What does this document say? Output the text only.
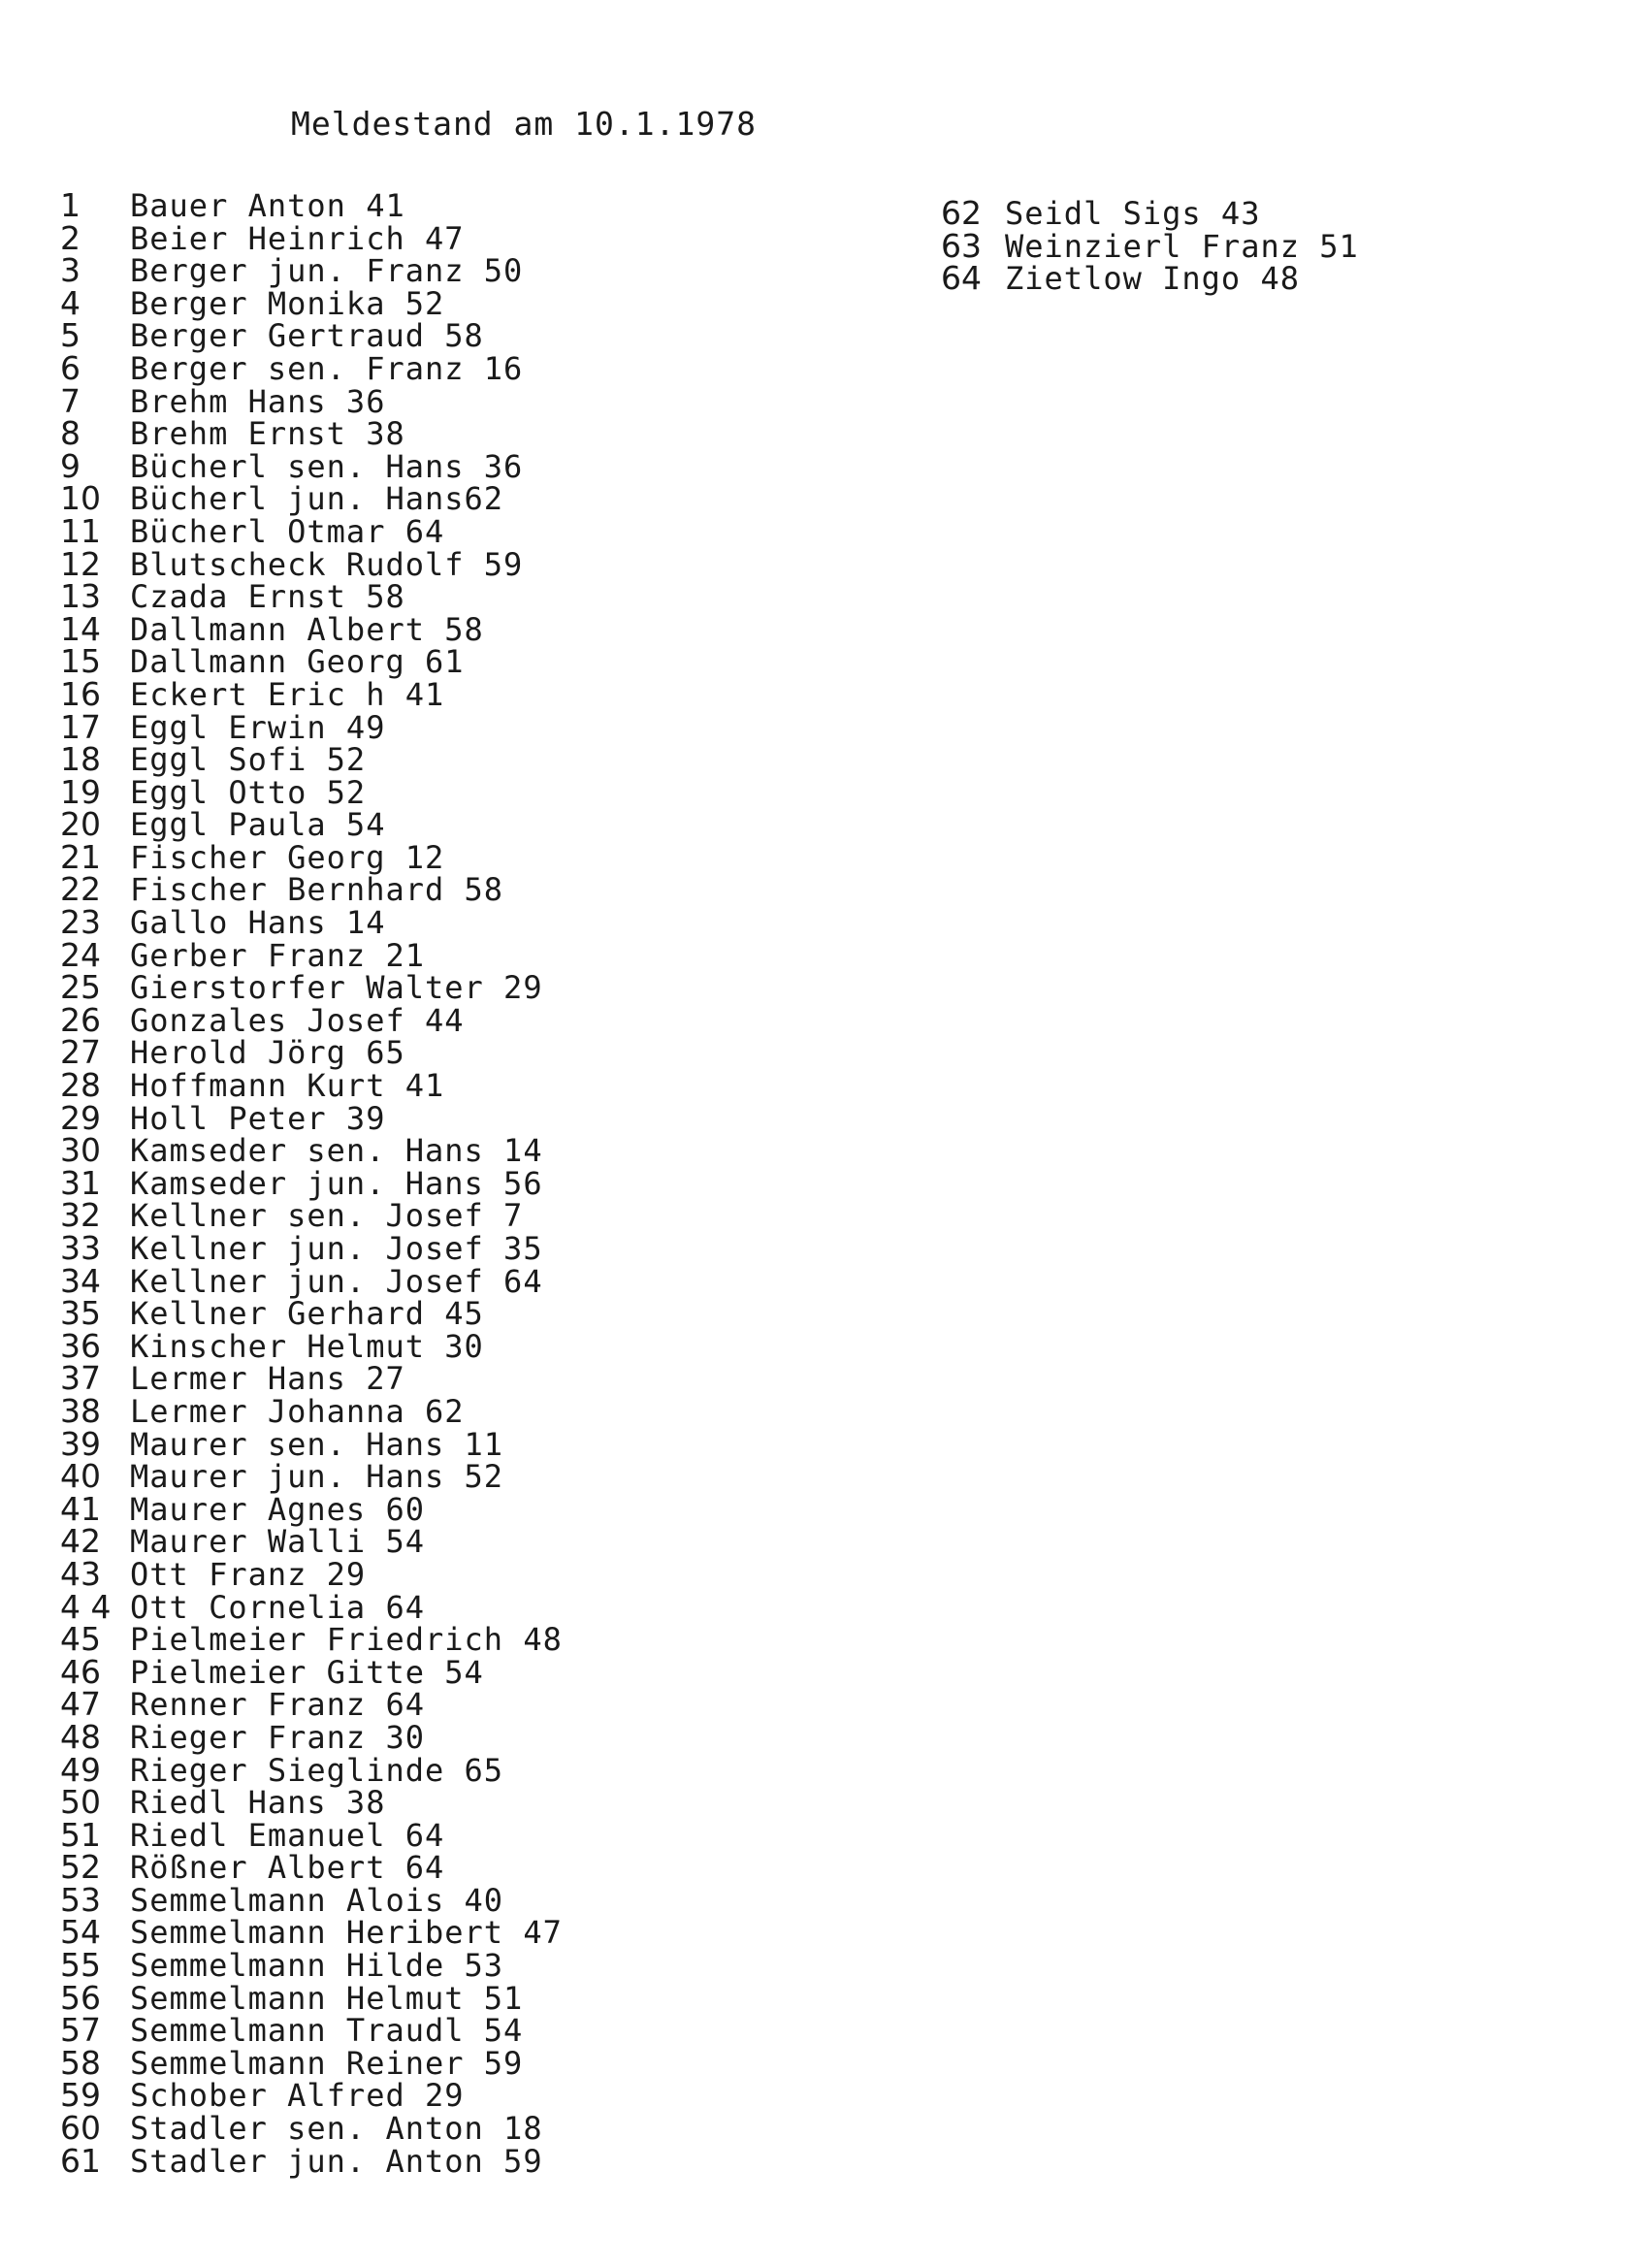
Meldestand am 10.1.1978
1	Bauer Anton 41
2	Beier Heinrich 47
3	Berger jun. Franz 50
4	Berger Monika 52
5	Berger Gertraud 58
6	Berger sen. Franz 16
7	Brehm Hans 36
8	Brehm Ernst 38
9	Bücherl sen. Hans 36
10 Bücherl jun. Hans62
11 Bücherl Otmar 64
12 Blutscheck Rudolf 59
13 Czada Ernst 58
14 Dallmann Albert 58
15 Dallmann Georg 61
16 Eckert Eric h 41
17 Eggl Erwin 49
18 Eggl Sofi 52
19 Eggl Otto 52
20 Eggl Paula 54
21 Fischer Georg 12
22 Fischer Bernhard 58
23 Gallo Hans 14
24 Gerber Franz 21
25 Gierstorfer Walter 29
26 Gonzales Josef 44
27 Herold Jörg 65
28 Hoffmann Kurt 41
29 Holl Peter 39
30 Kamseder sen. Hans 14
31 Kamseder jun. Hans 56
32 Kellner sen. Josef 7
33 Kellner jun. Josef 35
34 Kellner jun. Josef 64
35 Kellner Gerhard 45
36 Kinscher Helmut 30
37 Lermer Hans 27
38 Lermer Johanna 62
39 Maurer sen. Hans 11
40 Maurer jun. Hans 52
41 Maurer Agnes 60
42 Maurer Walli 54
43 Ott Franz 29
4 4 Ott Cornelia 64
45 Pielmeier Friedrich 48
46 Pielmeier Gitte 54
47 Renner Franz 64
48 Rieger Franz 30
49 Rieger Sieglinde 65
50 Riedl Hans 38
51 Riedl Emanuel 64
52 Rößner Albert 64
53 Semmelmann Alois 40
54 Semmelmann Heribert 47
55 Semmelmann Hilde 53
56 Semmelmann Helmut 51
57 Semmelmann Traudl 54
58 Semmelmann Reiner 59
59 Schober Alfred 29
60 Stadler sen. Anton 18
61 Stadler jun. Anton 59
62 Seidl Sigs 43
63 Weinzierl Franz 51
64 Zietlow Ingo 48
